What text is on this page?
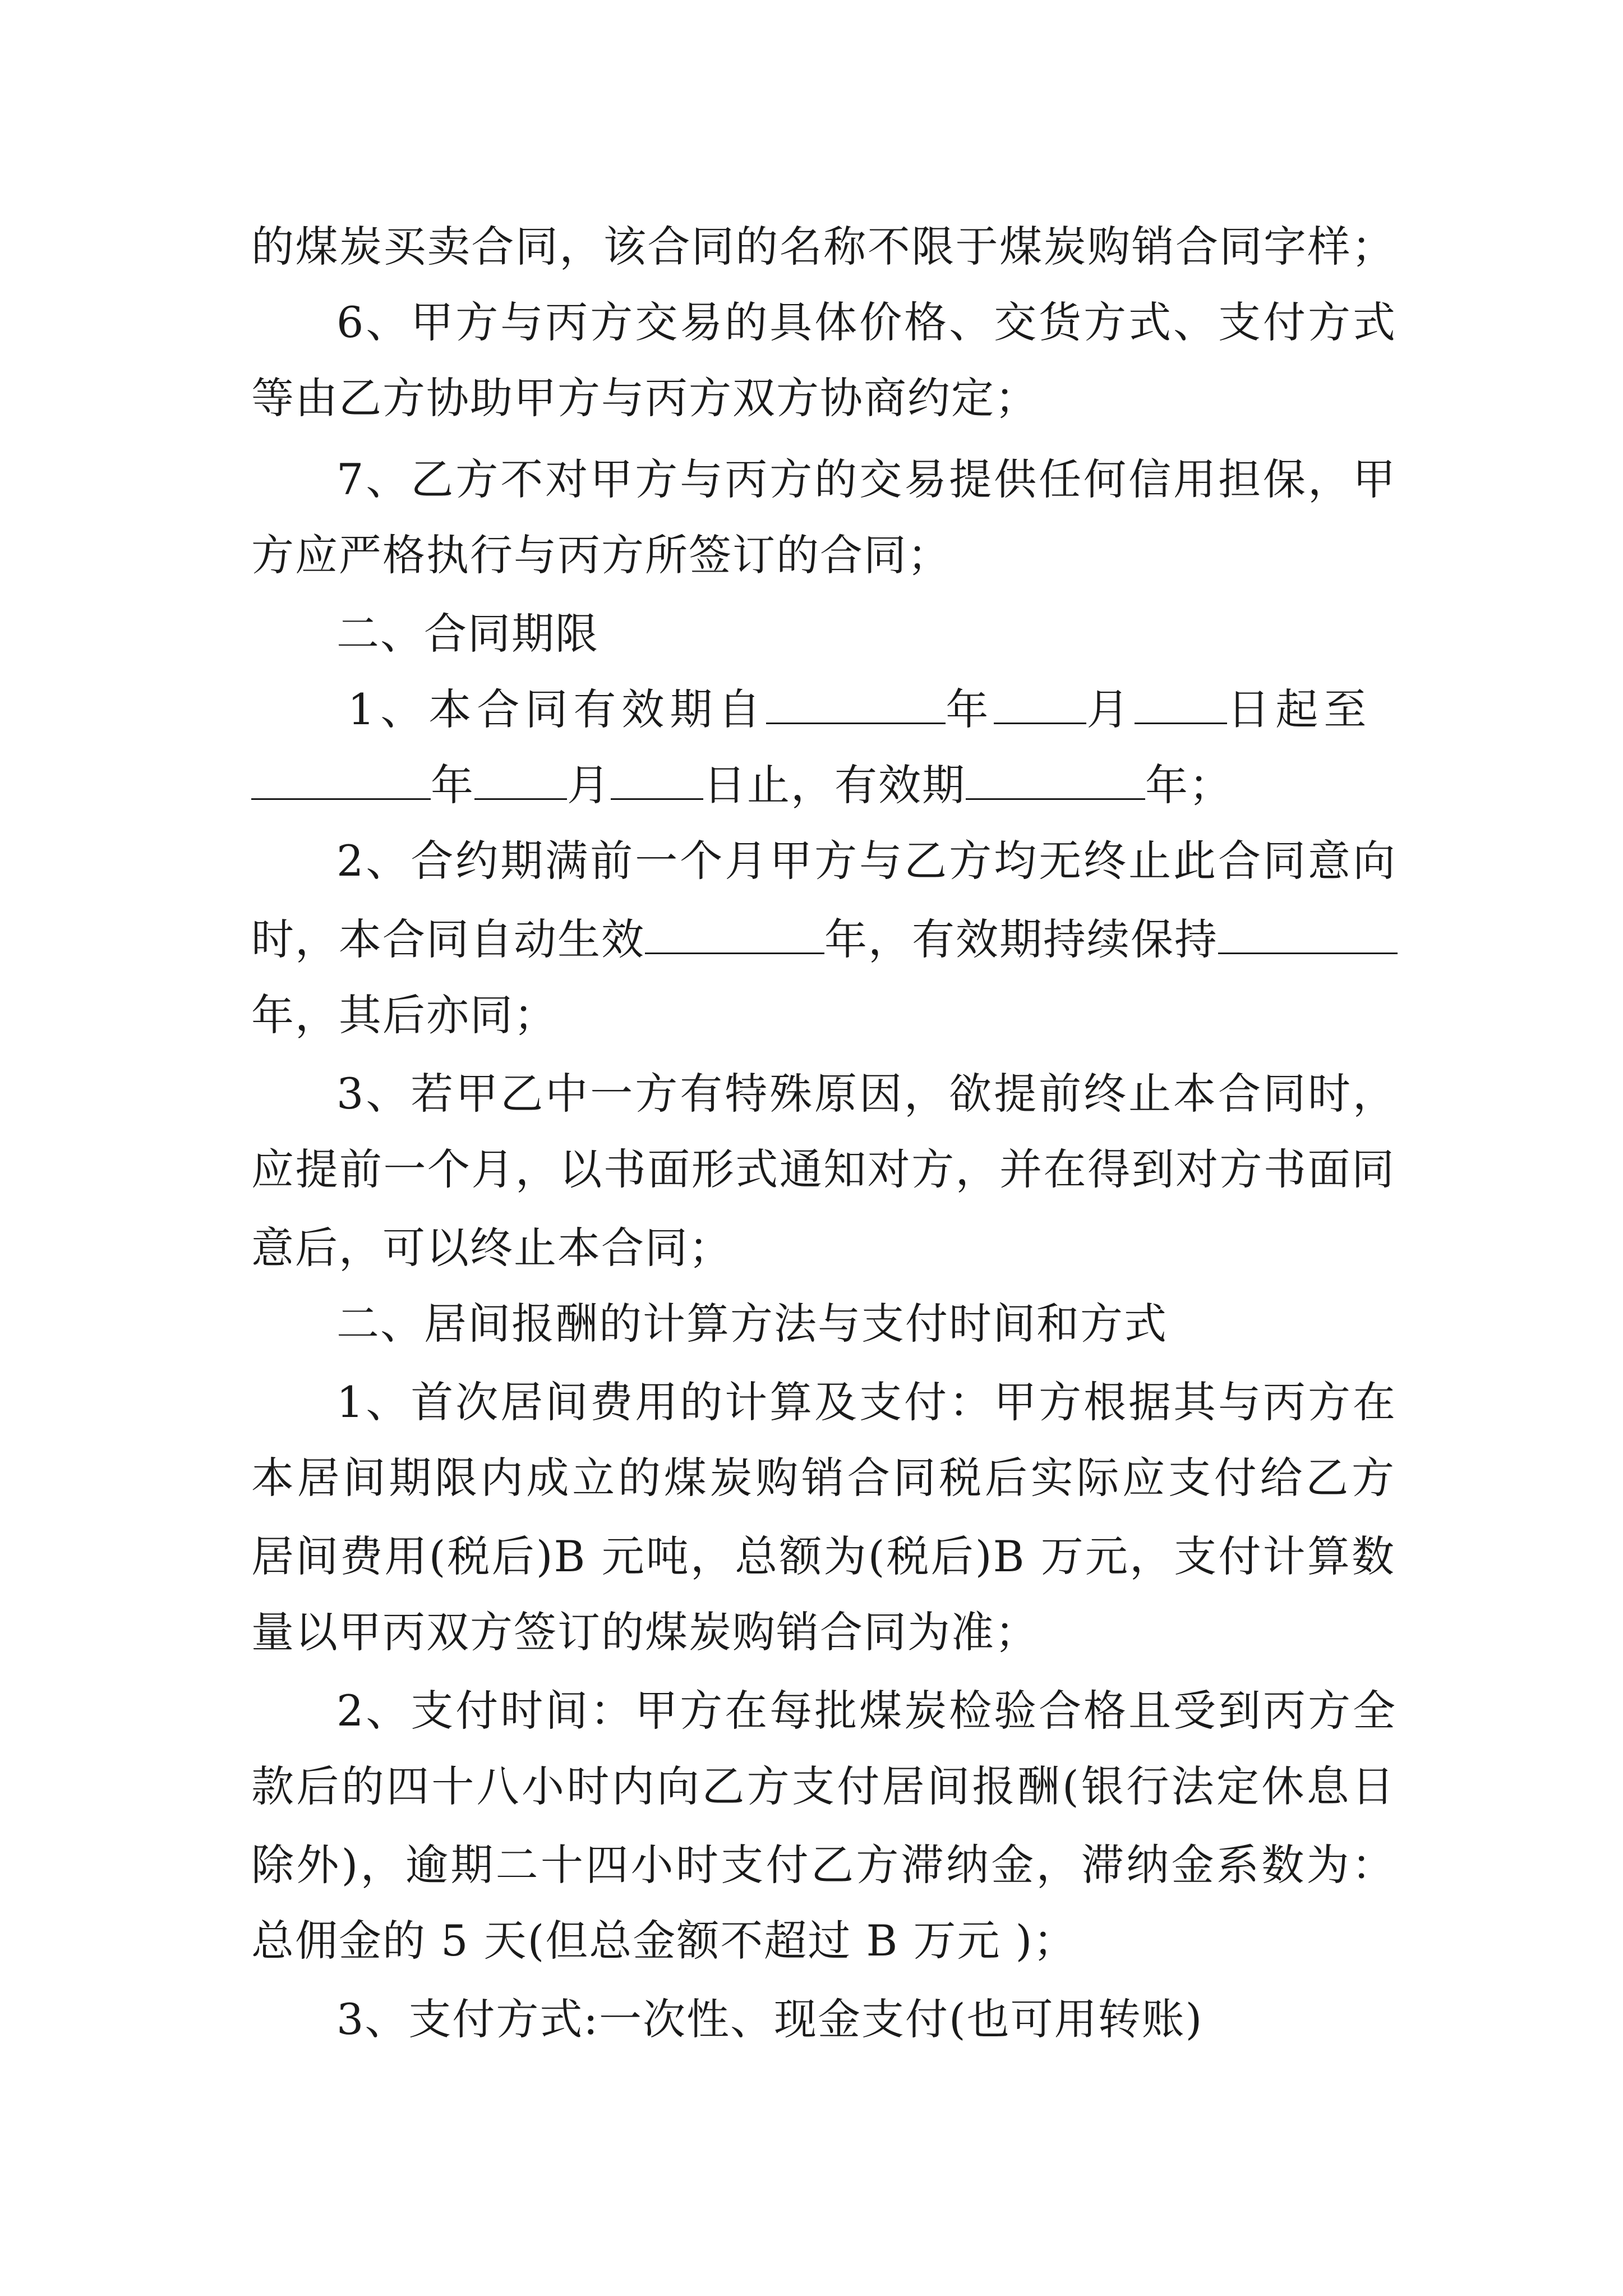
的煤炭买卖合同，该合同的名称不限于煤炭购销合同字样；
6、甲方与丙方交易的具体价格、交货方式、支付方式
等由乙方协助甲方与丙方双方协商约定；
7、乙方不对甲方与丙方的交易提供任何信用担保，甲
方应严格执行与丙方所签订的合同；
二、合同期限
1、本合同有效期自	年 月 日起至
年 月 日止，有效期	年；
2、合约期满前一个月甲方与乙方均无终止此合同意向
时，本合同自动生效	年，有效期持续保持
年，其后亦同；
3、若甲乙中一方有特殊原因，欲提前终止本合同时，
应提前一个月，以书面形式通知对方，并在得到对方书面同
意后，可以终止本合同；
二、居间报酬的计算方法与支付时间和方式
1、首次居间费用的计算及支付：甲方根据其与丙方在
本居间期限内成立的煤炭购销合同税后实际应支付给乙方
居间费用(税后)B 元吨，总额为(税后)B 万元，支付计算数
量以甲丙双方签订的煤炭购销合同为准；
2、支付时间：甲方在每批煤炭检验合格且受到丙方全
款后的四十八小时内向乙方支付居间报酬(银行法定休息日
除外)，逾期二十四小时支付乙方滞纳金，滞纳金系数为：
总佣金的 5 天(但总金额不超过 B 万元 )；
3、支付方式:一次性、现金支付(也可用转账)
